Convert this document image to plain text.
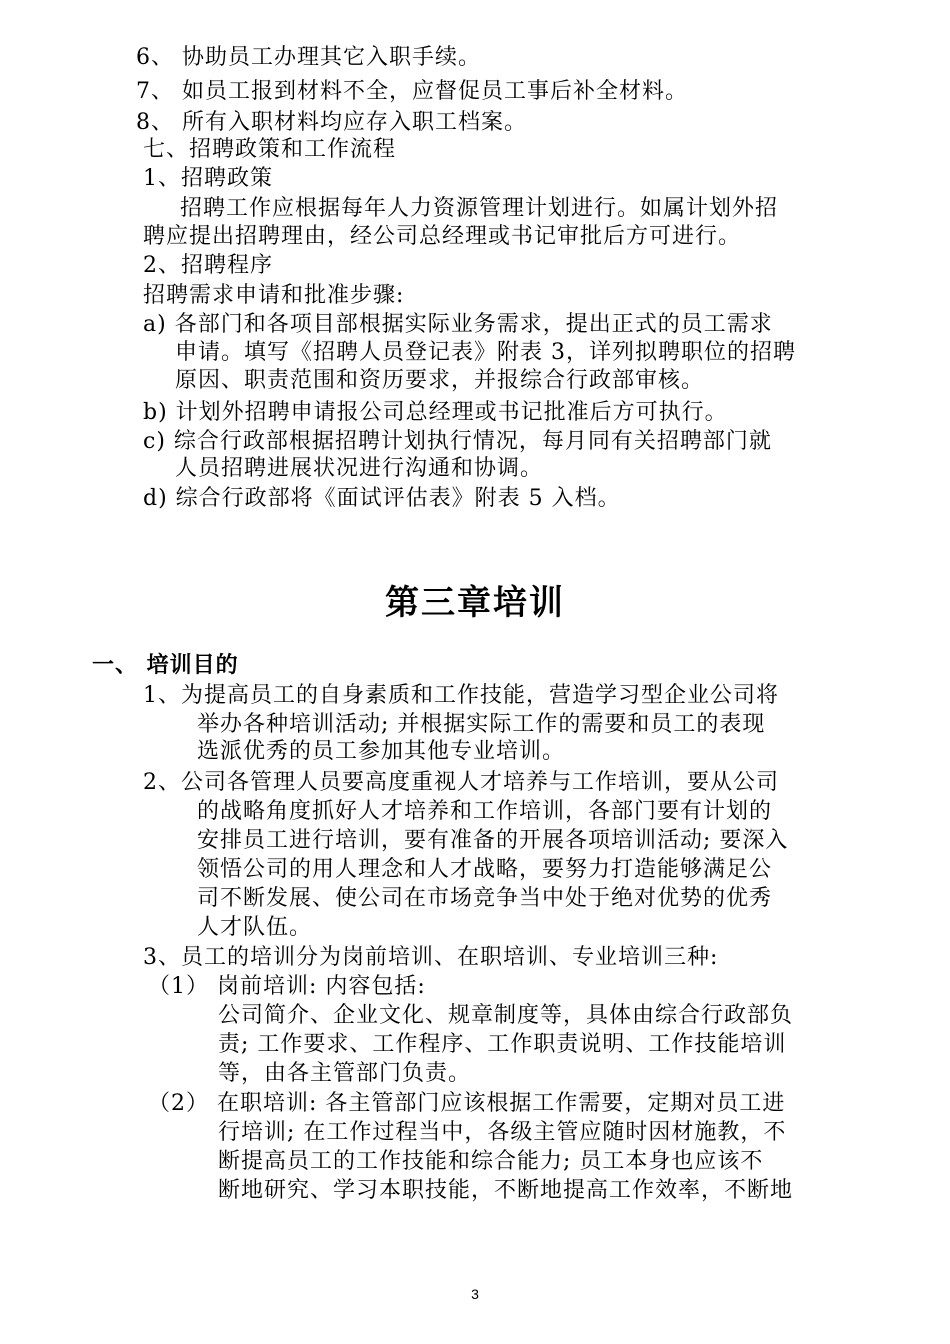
6、 协助员工办理其它入职手续。
7、 如员工报到材料不全，应督促员工事后补全材料。
8、 所有入职材料均应存入职工档案。
七、招聘政策和工作流程
1、招聘政策
招聘工作应根据每年人力资源管理计划进行。如属计划外招
聘应提出招聘理由，经公司总经理或书记审批后方可进行。
2、招聘程序
招聘需求申请和批准步骤:
a) 各部门和各项目部根据实际业务需求，提出正式的员工需求
申请。填写《招聘人员登记表》附表 3，详列拟聘职位的招聘
原因、职责范围和资历要求，并报综合行政部审核。
b) 计划外招聘申请报公司总经理或书记批准后方可执行。
c) 综合行政部根据招聘计划执行情况，每月同有关招聘部门就
人员招聘进展状况进行沟通和协调。
d) 综合行政部将《面试评估表》附表 5 入档。
第三章培训
一、 培训目的
1、为提高员工的自身素质和工作技能，营造学习型企业公司将
举办各种培训活动; 并根据实际工作的需要和员工的表现
选派优秀的员工参加其他专业培训。
2、公司各管理人员要高度重视人才培养与工作培训，要从公司
的战略角度抓好人才培养和工作培训，各部门要有计划的
安排员工进行培训，要有准备的开展各项培训活动; 要深入
领悟公司的用人理念和人才战略，要努力打造能够满足公
司不断发展、使公司在市场竞争当中处于绝对优势的优秀
人才队伍。
3、员工的培训分为岗前培训、在职培训、专业培训三种:
（1） 岗前培训: 内容包括:
公司简介、企业文化、规章制度等，具体由综合行政部负
责; 工作要求、工作程序、工作职责说明、工作技能培训
等，由各主管部门负责。
（2） 在职培训: 各主管部门应该根据工作需要，定期对员工进
行培训; 在工作过程当中，各级主管应随时因材施教，不
断提高员工的工作技能和综合能力; 员工本身也应该不
断地研究、学习本职技能，不断地提高工作效率，不断地
3
